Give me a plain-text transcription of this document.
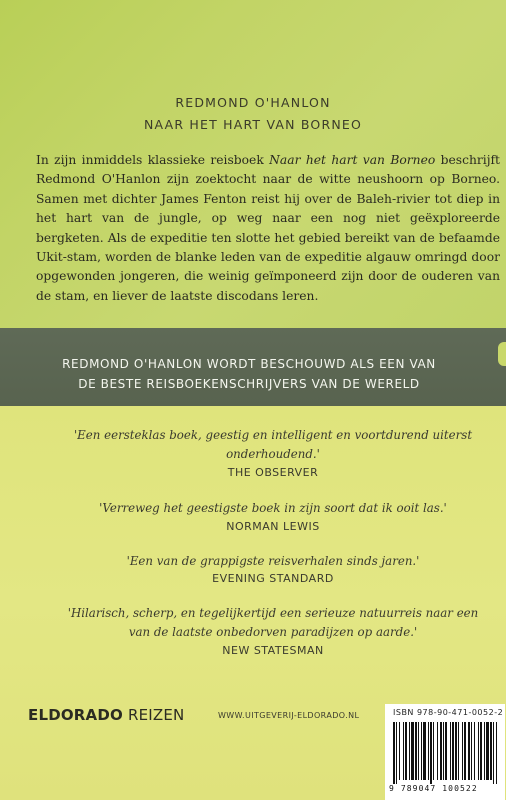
REDMOND O'HANLON
NAAR HET HART VAN BORNEO

In zijn inmiddels klassieke reisboek Naar het hart van Borneo beschrijft Redmond O'Hanlon zijn zoektocht naar de witte neushoorn op Borneo. Samen met dichter James Fenton reist hij over de Baleh-rivier tot diep in het hart van de jungle, op weg naar een nog niet geëxploreerde bergketen. Als de expeditie ten slotte het gebied bereikt van de befaamde Ukit-stam, worden de blanke leden van de expeditie algauw omringd door opgewonden jongeren, die weinig geïmponeerd zijn door de ouderen van de stam, en liever de laatste discodans leren.

REDMOND O'HANLON WORDT BESCHOUWD ALS EEN VAN
DE BESTE REISBOEKENSCHRIJVERS VAN DE WERELD

'Een eersteklas boek, geestig en intelligent en voortdurend uiterst onderhoudend.'

THE OBSERVER

'Verreweg het geestigste boek in zijn soort dat ik ooit las.'

NORMAN LEWIS

'Een van de grappigste reisverhalen sinds jaren.'

EVENING STANDARD

'Hilarisch, scherp, en tegelijkertijd een serieuze natuurreis naar een van de laatste onbedorven paradijzen op aarde.'

NEW STATESMAN

ELDORADO REIZEN	WWW.UITGEVERIJ-ELDORADO.NL	ISBN 978-90-471-0052-2

9 789047 100522
